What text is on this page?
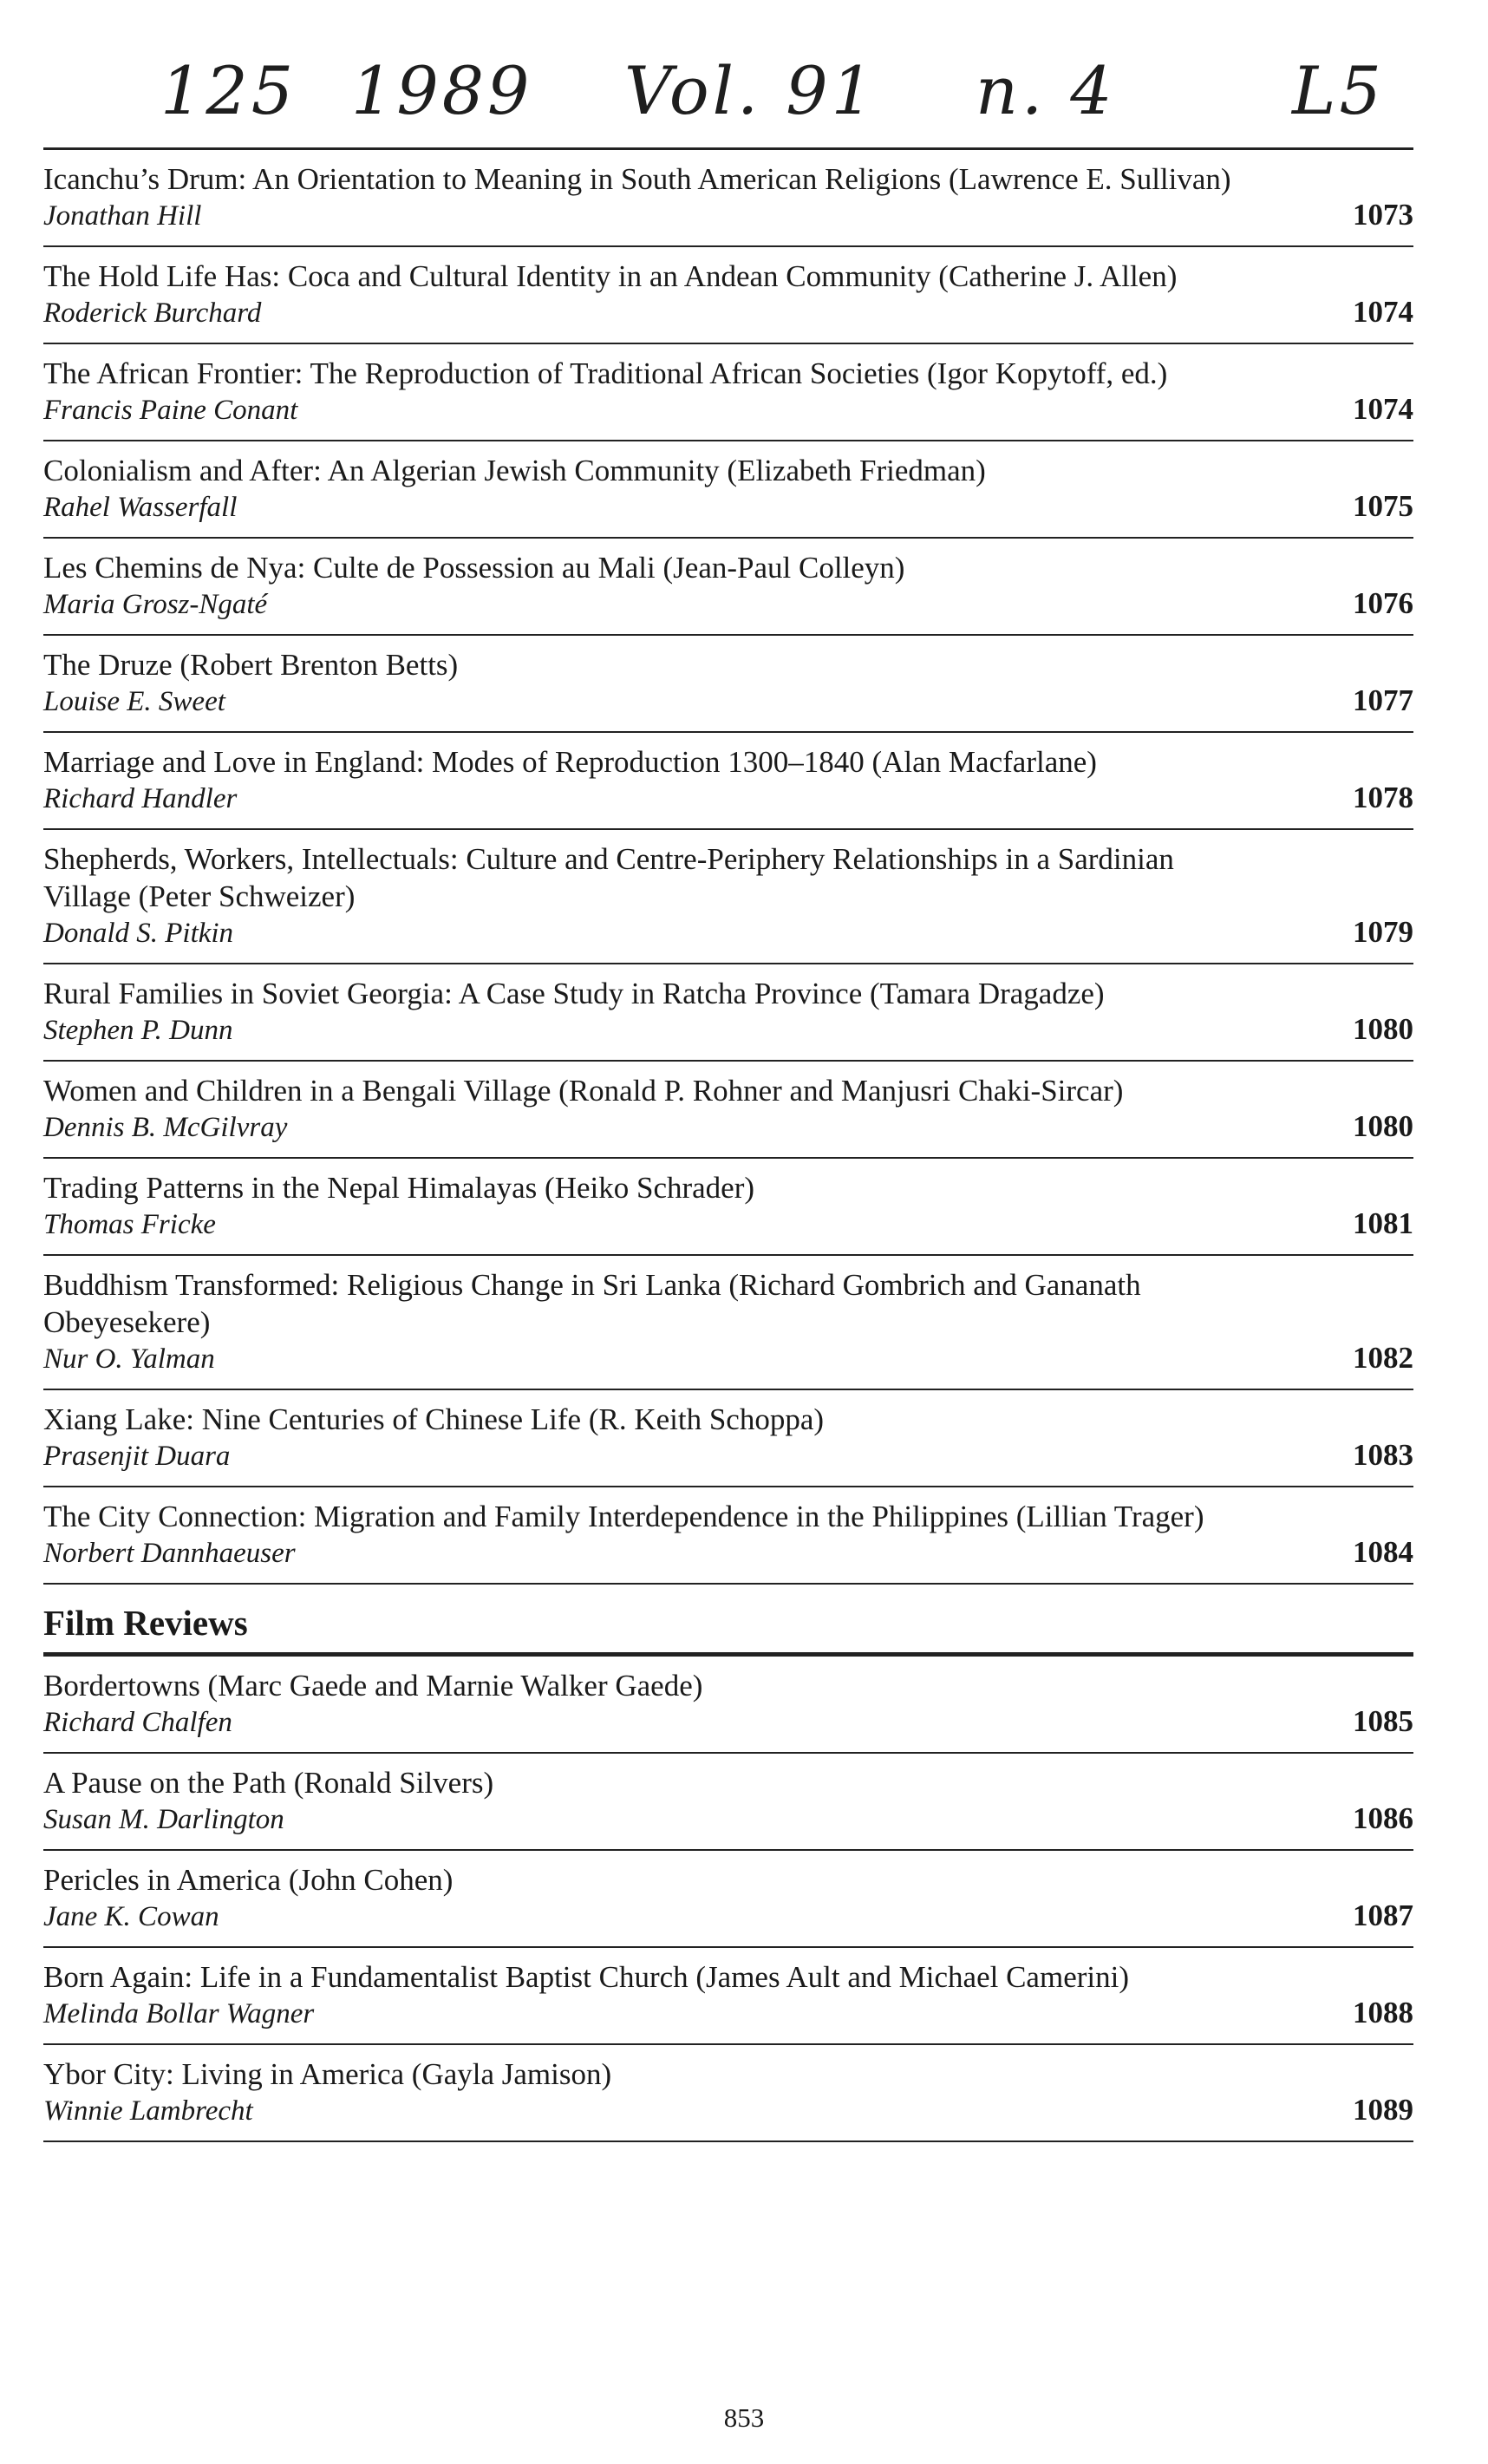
125 1989 Vol. 91 n. 4	L5
Icanchu’s Drum: An Orientation to Meaning in South American Religions (Lawrence E. Sullivan)
Jonathan Hill	1073
The Hold Life Has: Coca and Cultural Identity in an Andean Community (Catherine J. Allen)
Roderick Burchard	1074
The African Frontier: The Reproduction of Traditional African Societies (Igor Kopytoff, ed.)
Francis Paine Conant	1074
Colonialism and After: An Algerian Jewish Community (Elizabeth Friedman)
Rahel Wasserfall	1075
Les Chemins de Nya: Culte de Possession au Mali (Jean-Paul Colleyn)
Maria Grosz-Ngaté	1076
The Druze (Robert Brenton Betts)
Louise E. Sweet	1077
Marriage and Love in England: Modes of Reproduction 1300–1840 (Alan Macfarlane)
Richard Handler	1078
Shepherds, Workers, Intellectuals: Culture and Centre-Periphery Relationships in a Sardinian Village (Peter Schweizer)
Donald S. Pitkin	1079
Rural Families in Soviet Georgia: A Case Study in Ratcha Province (Tamara Dragadze)
Stephen P. Dunn	1080
Women and Children in a Bengali Village (Ronald P. Rohner and Manjusri Chaki-Sircar)
Dennis B. McGilvray	1080
Trading Patterns in the Nepal Himalayas (Heiko Schrader)
Thomas Fricke	1081
Buddhism Transformed: Religious Change in Sri Lanka (Richard Gombrich and Gananath Obeyesekere)
Nur O. Yalman	1082
Xiang Lake: Nine Centuries of Chinese Life (R. Keith Schoppa)
Prasenjit Duara	1083
The City Connection: Migration and Family Interdependence in the Philippines (Lillian Trager)
Norbert Dannhaeuser	1084
Film Reviews
Bordertowns (Marc Gaede and Marnie Walker Gaede)
Richard Chalfen	1085
A Pause on the Path (Ronald Silvers)
Susan M. Darlington	1086
Pericles in America (John Cohen)
Jane K. Cowan	1087
Born Again: Life in a Fundamentalist Baptist Church (James Ault and Michael Camerini)
Melinda Bollar Wagner	1088
Ybor City: Living in America (Gayla Jamison)
Winnie Lambrecht	1089
853
